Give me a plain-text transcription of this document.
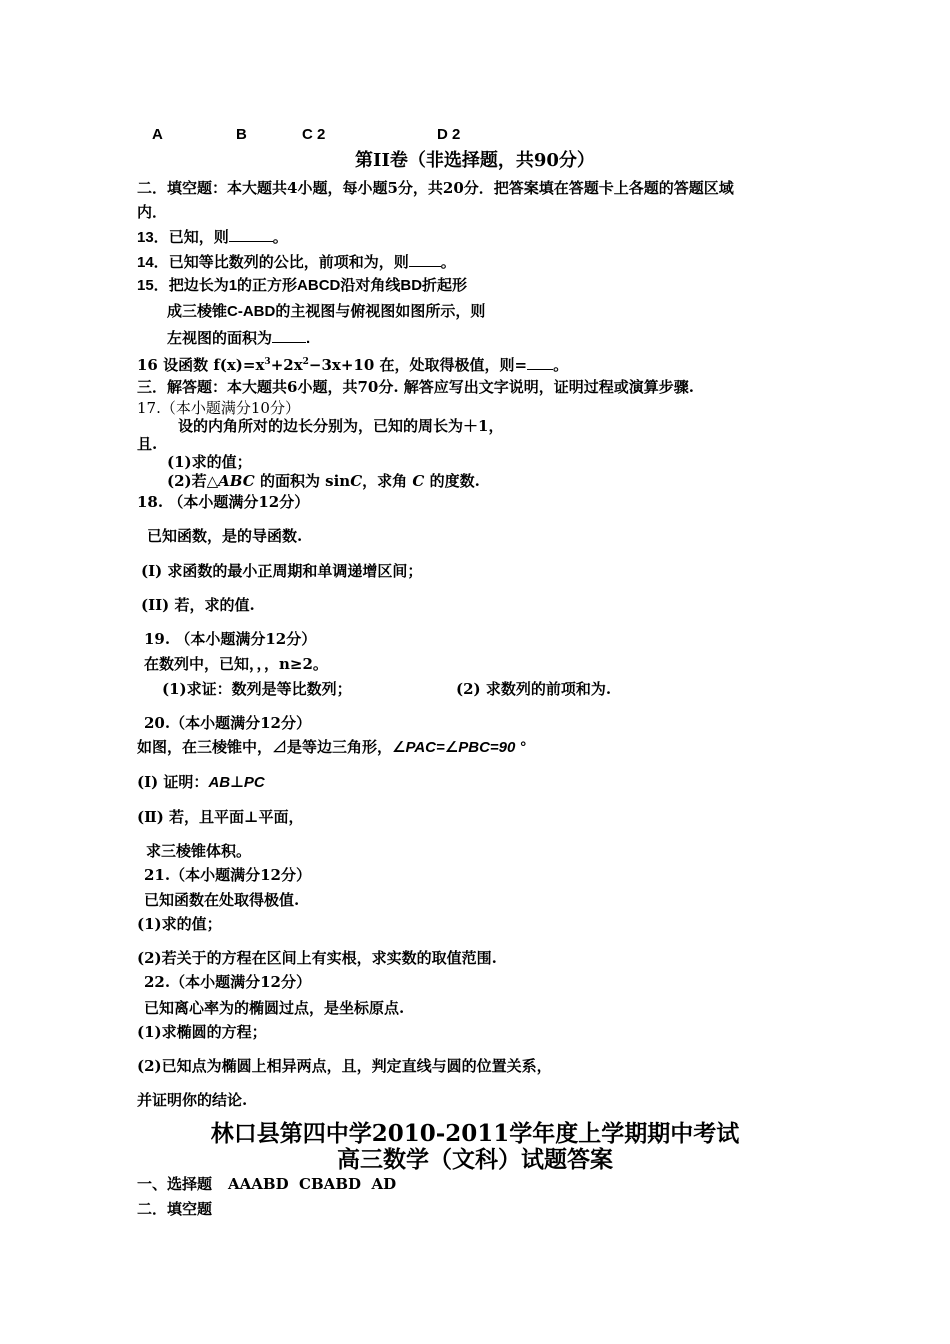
A	B	C 2	D 2
第II卷（非选择题，共90分）
二．填空题：本大题共4小题，每小题5分，共20分．把答案填在答题卡上各题的答题区域
内．
13．已知，则	。
14．已知等比数列的公比，前项和为，则 。
15．把边长为1的正方形ABCD沿对角线BD折起形
成三棱锥C-ABD的主视图与俯视图如图所示，则
左视图的面积为 .
16 设函数 $f(x)=x^3+2x^2-3x+10$ 在，处取得极值，则= 。
三．解答题：本大题共6小题，共70分. 解答应写出文字说明，证明过程或演算步骤.
17.（本小题满分10分）
设的内角所对的边长分别为，已知的周长为＋1，
且.
(1)求的值；
(2)若△ABC 的面积为 sinC，求角 C 的度数.
18. （本小题满分12分）
已知函数，是的导函数.
(I) 求函数的最小正周期和单调递增区间；
(II) 若，求的值.
19. （本小题满分12分）
在数列中，已知，，，n≥2。
(1)求证：数列是等比数列；	(2) 求数列的前项和为.
20.（本小题满分12分）
如图，在三棱锥中，⊿是等边三角形，∠PAC=∠PBC=90 °
(Ⅰ) 证明：AB⊥PC
(Ⅱ) 若，且平面⊥平面，
求三棱锥体积。
21.（本小题满分12分）
已知函数在处取得极值.
(1)求的值；
(2)若关于的方程在区间上有实根，求实数的取值范围.
22.（本小题满分12分）
已知离心率为的椭圆过点，是坐标原点.
(1)求椭圆的方程；
(2)已知点为椭圆上相异两点，且，判定直线与圆的位置关系，
并证明你的结论.
林口县第四中学2010-2011学年度上学期期中考试
高三数学（文科）试题答案
一、选择题 AAABD  CBABD  AD
二．填空题
